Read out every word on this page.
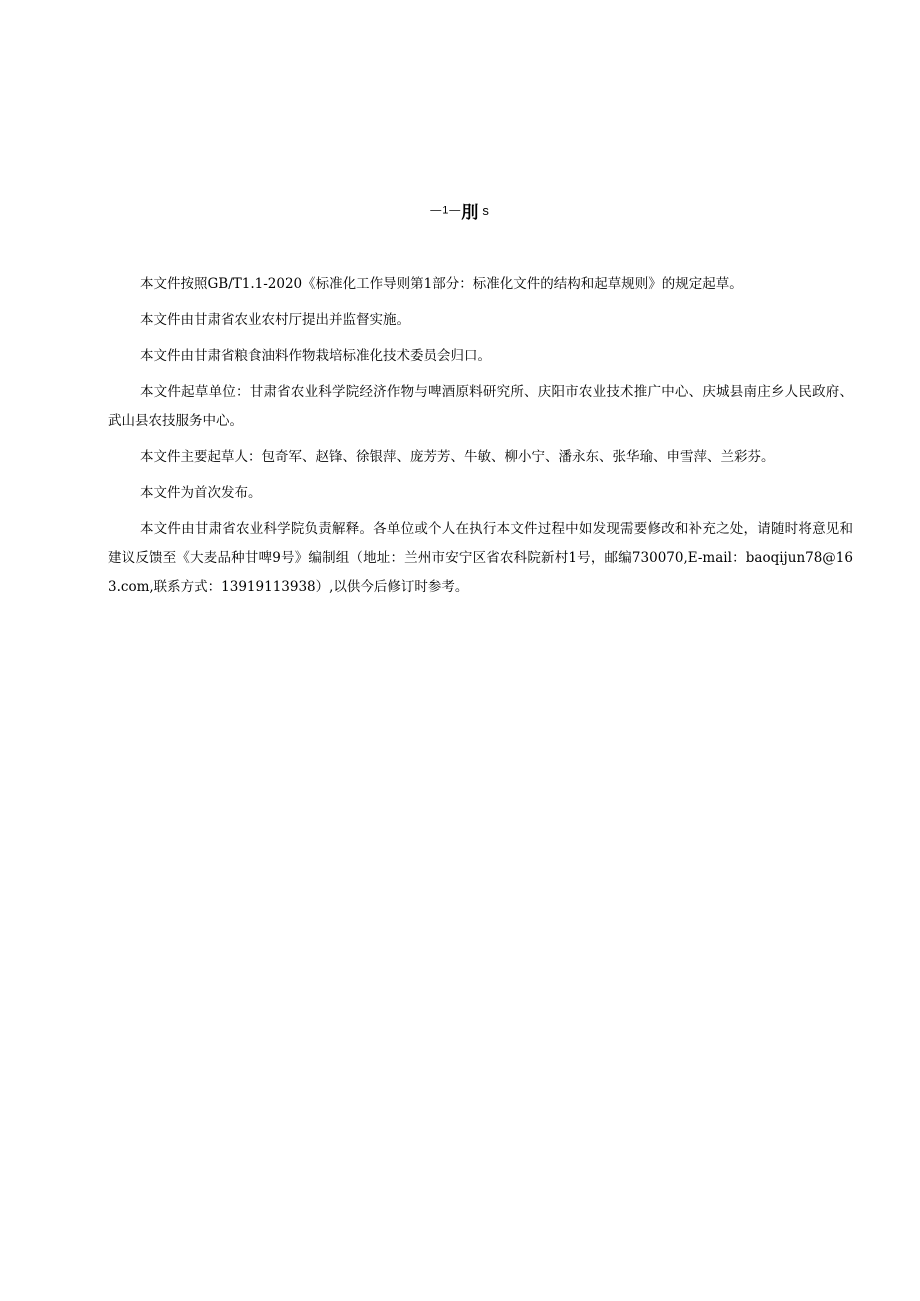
—1—刖 s

本文件按照GB/T1.1-2020《标准化工作导则第1部分：标准化文件的结构和起草规则》的规定起草。

本文件由甘肃省农业农村厅提出并监督实施。

本文件由甘肃省粮食油料作物栽培标准化技术委员会归口。

本文件起草单位：甘肃省农业科学院经济作物与啤酒原料研究所、庆阳市农业技术推广中心、庆城县南庄乡人民政府、武山县农技服务中心。

本文件主要起草人：包奇军、赵锋、徐银萍、庞芳芳、牛敏、柳小宁、潘永东、张华瑜、申雪萍、兰彩芬。

本文件为首次发布。

本文件由甘肃省农业科学院负责解释。各单位或个人在执行本文件过程中如发现需要修改和补充之处，请随时将意见和建议反馈至《大麦品种甘啤9号》编制组（地址：兰州市安宁区省农科院新村1号，邮编730070,E-mail：baoqijun78@163.com,联系方式：13919113938）,以供今后修订时参考。
